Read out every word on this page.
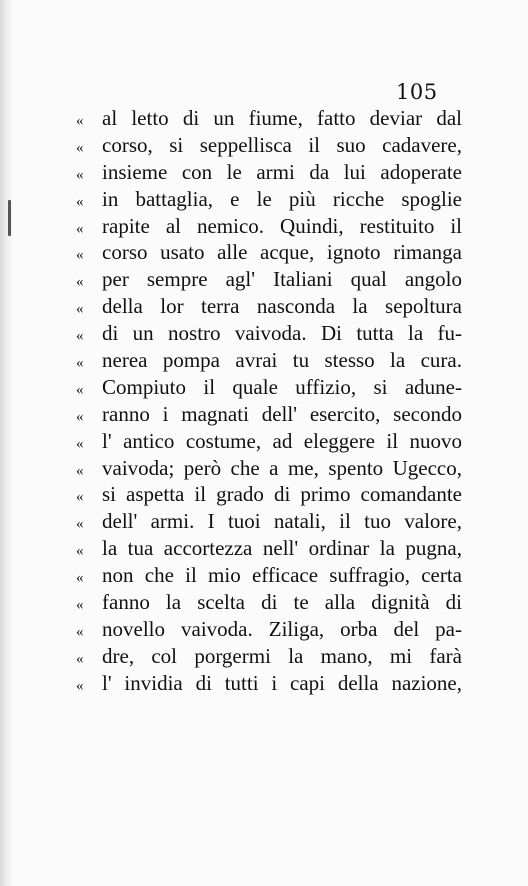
105
« al letto di un fiume, fatto deviar dal
« corso, si seppellisca il suo cadavere,
« insieme con le armi da lui adoperate
« in battaglia, e le più ricche spoglie
« rapite al nemico. Quindi, restituito il
« corso usato alle acque, ignoto rimanga
« per sempre agl' Italiani qual angolo
« della lor terra nasconda la sepoltura
« di un nostro vaivoda. Di tutta la fu-
« nerea pompa avrai tu stesso la cura.
« Compiuto il quale uffizio, si adune-
« ranno i magnati dell' esercito, secondo
« l' antico costume, ad eleggere il nuovo
« vaivoda; però che a me, spento Ugecco,
« si aspetta il grado di primo comandante
« dell' armi. I tuoi natali, il tuo valore,
« la tua accortezza nell' ordinar la pugna,
« non che il mio efficace suffragio, certa
« fanno la scelta di te alla dignità di
« novello vaivoda. Ziliga, orba del pa-
« dre, col porgermi la mano, mi farà
« l' invidia di tutti i capi della nazione,
